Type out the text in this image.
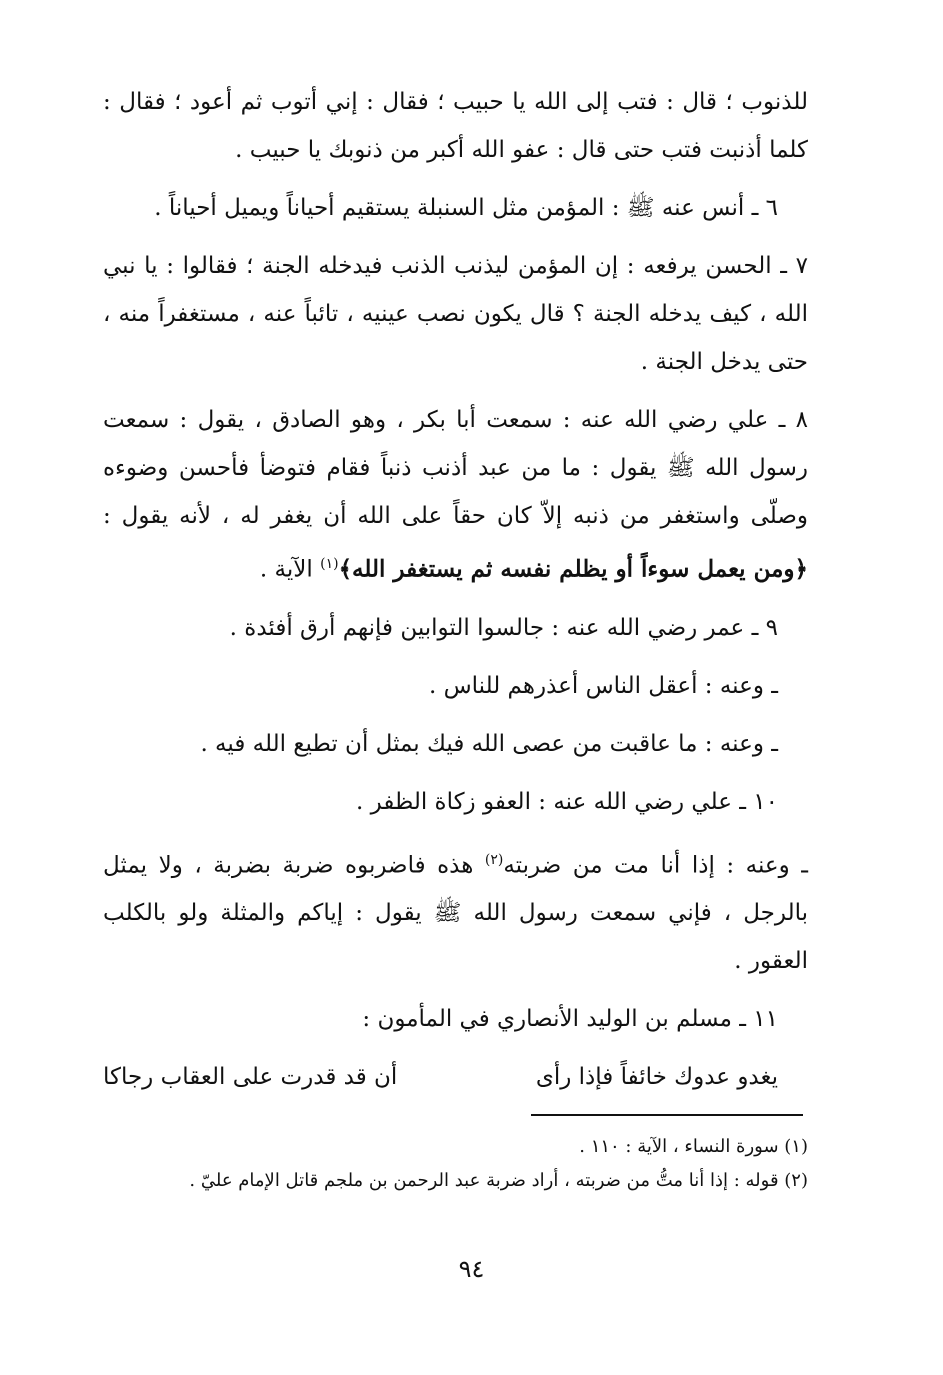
للذنوب ؛ قال : فتب إلى الله يا حبيب ؛ فقال : إني أتوب ثم أعود ؛ فقال : كلما أذنبت فتب حتى قال : عفو الله أكبر من ذنوبك يا حبيب .

٦ ـ أنس عنه ﷺ : المؤمن مثل السنبلة يستقيم أحياناً ويميل أحياناً .

٧ ـ الحسن يرفعه : إن المؤمن ليذنب الذنب فيدخله الجنة ؛ فقالوا : يا نبي الله ، كيف يدخله الجنة ؟ قال يكون نصب عينيه ، تائباً عنه ، مستغفراً منه ، حتى يدخل الجنة .

٨ ـ علي رضي الله عنه : سمعت أبا بكر ، وهو الصادق ، يقول : سمعت رسول الله ﷺ يقول : ما من عبد أذنب ذنباً فقام فتوضأ فأحسن وضوءه وصلّى واستغفر من ذنبه إلاّ كان حقاً على الله أن يغفر له ، لأنه يقول : ﴿ومن يعمل سوءاً أو يظلم نفسه ثم يستغفر الله﴾$^{(١)}$ الآية .

٩ ـ عمر رضي الله عنه : جالسوا التوابين فإنهم أرق أفئدة .

ـ وعنه : أعقل الناس أعذرهم للناس .

ـ وعنه : ما عاقبت من عصى الله فيك بمثل أن تطيع الله فيه .

١٠ ـ علي رضي الله عنه : العفو زكاة الظفر .

ـ وعنه : إذا أنا مت من ضربته$^{(٢)}$ هذه فاضربوه ضربة بضربة ، ولا يمثل بالرجل ، فإني سمعت رسول الله ﷺ يقول : إياكم والمثلة ولو بالكلب العقور .

١١ ـ مسلم بن الوليد الأنصاري في المأمون :

يغدو عدوك خائفاً فإذا رأى
أن قد قدرت على العقاب رجاكا
(١) سورة النساء ، الآية : ١١٠ .
(٢) قوله : إذا أنا متُّ من ضربته ، أراد ضربة عبد الرحمن بن ملجم قاتل الإمام عليّ .
٩٤
